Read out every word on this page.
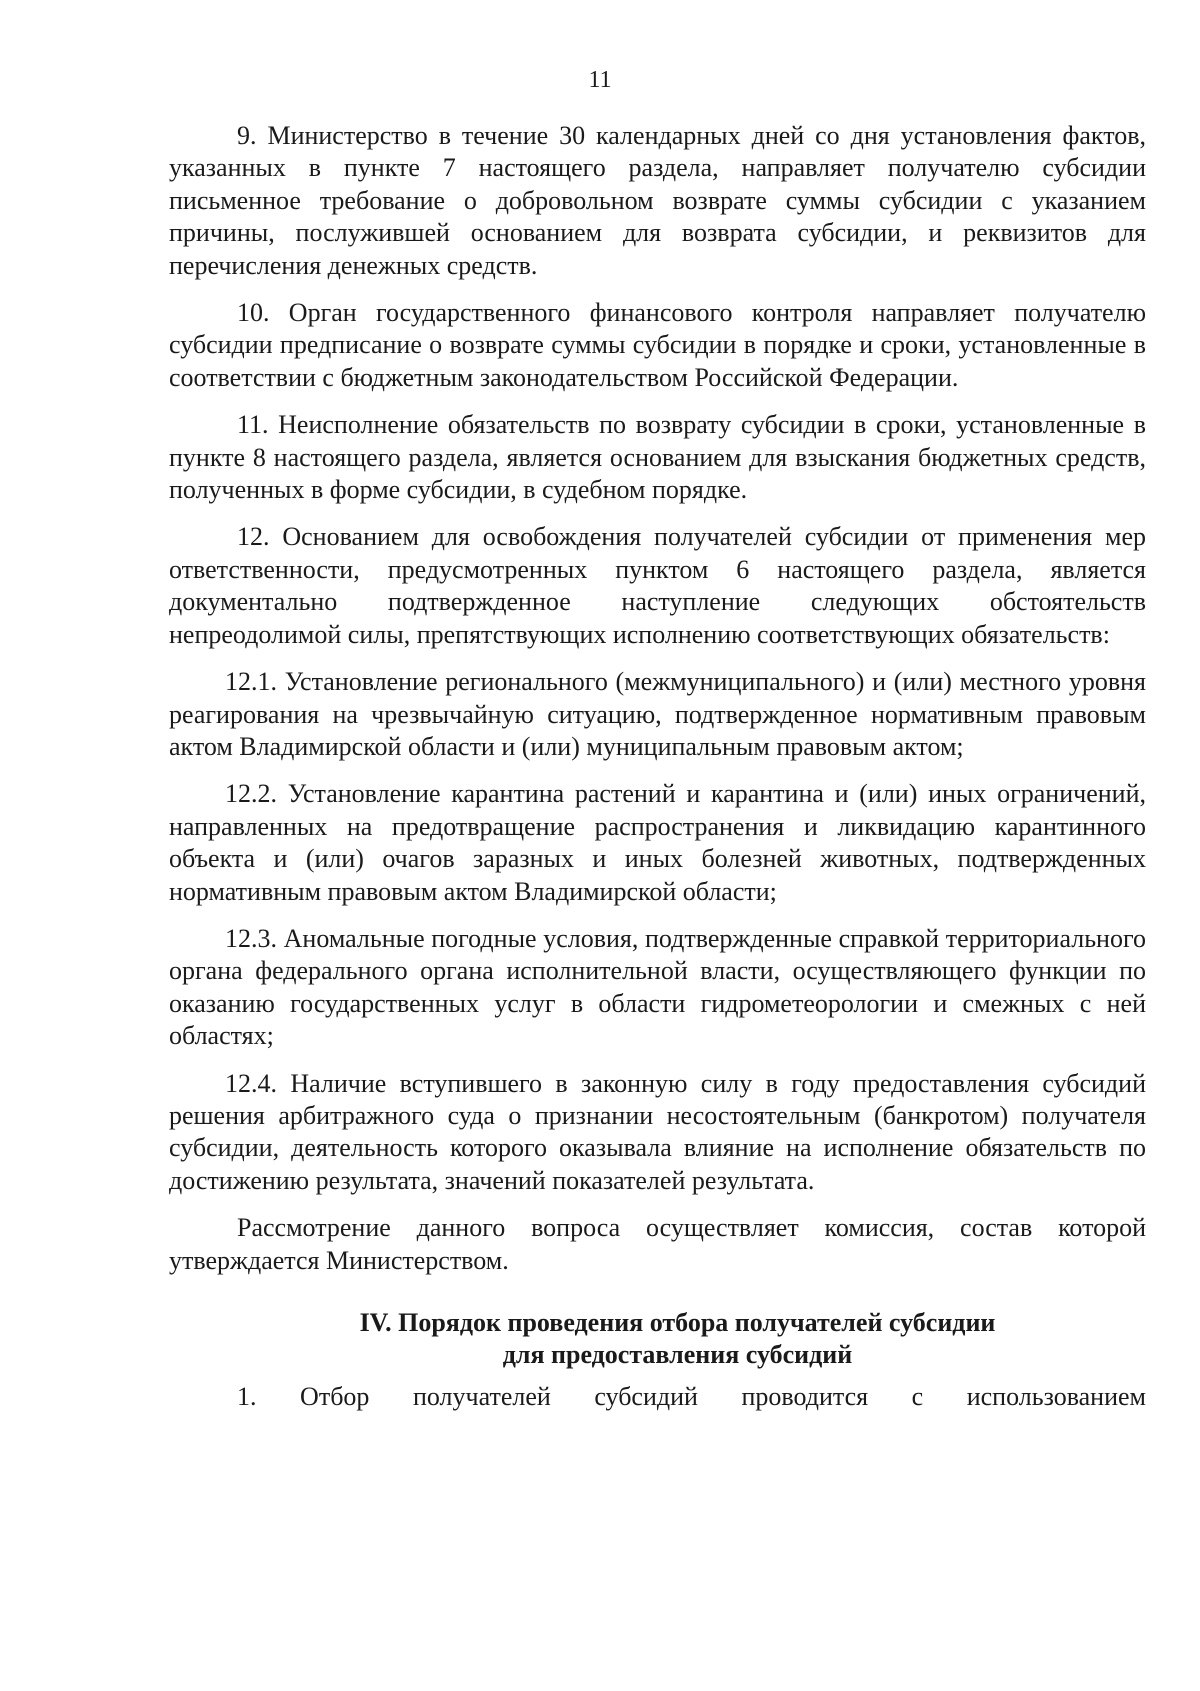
11

9. Министерство в течение 30 календарных дней со дня установления фактов, указанных в пункте 7 настоящего раздела, направляет получателю субсидии письменное требование о добровольном возврате суммы субсидии с указанием причины, послужившей основанием для возврата субсидии, и реквизитов для перечисления денежных средств.

10. Орган государственного финансового контроля направляет получателю субсидии предписание о возврате суммы субсидии в порядке и сроки, установленные в соответствии с бюджетным законодательством Российской Федерации.

11. Неисполнение обязательств по возврату субсидии в сроки, установленные в пункте 8 настоящего раздела, является основанием для взыскания бюджетных средств, полученных в форме субсидии, в судебном порядке.

12. Основанием для освобождения получателей субсидии от применения мер ответственности, предусмотренных пунктом 6 настоящего раздела, является документально подтвержденное наступление следующих обстоятельств непреодолимой силы, препятствующих исполнению соответствующих обязательств:

12.1. Установление регионального (межмуниципального) и (или) местного уровня реагирования на чрезвычайную ситуацию, подтвержденное нормативным правовым актом Владимирской области и (или) муниципальным правовым актом;

12.2. Установление карантина растений и карантина и (или) иных ограничений, направленных на предотвращение распространения и ликвидацию карантинного объекта и (или) очагов заразных и иных болезней животных, подтвержденных нормативным правовым актом Владимирской области;

12.3. Аномальные погодные условия, подтвержденные справкой территориального органа федерального органа исполнительной власти, осуществляющего функции по оказанию государственных услуг в области гидрометеорологии и смежных с ней областях;

12.4. Наличие вступившего в законную силу в году предоставления субсидий решения арбитражного суда о признании несостоятельным (банкротом) получателя субсидии, деятельность которого оказывала влияние на исполнение обязательств по достижению результата, значений показателей результата.

Рассмотрение данного вопроса осуществляет комиссия, состав которой утверждается Министерством.

IV. Порядок проведения отбора получателей субсидии
для предоставления субсидий

1. Отбор получателей субсидий проводится с использованием
